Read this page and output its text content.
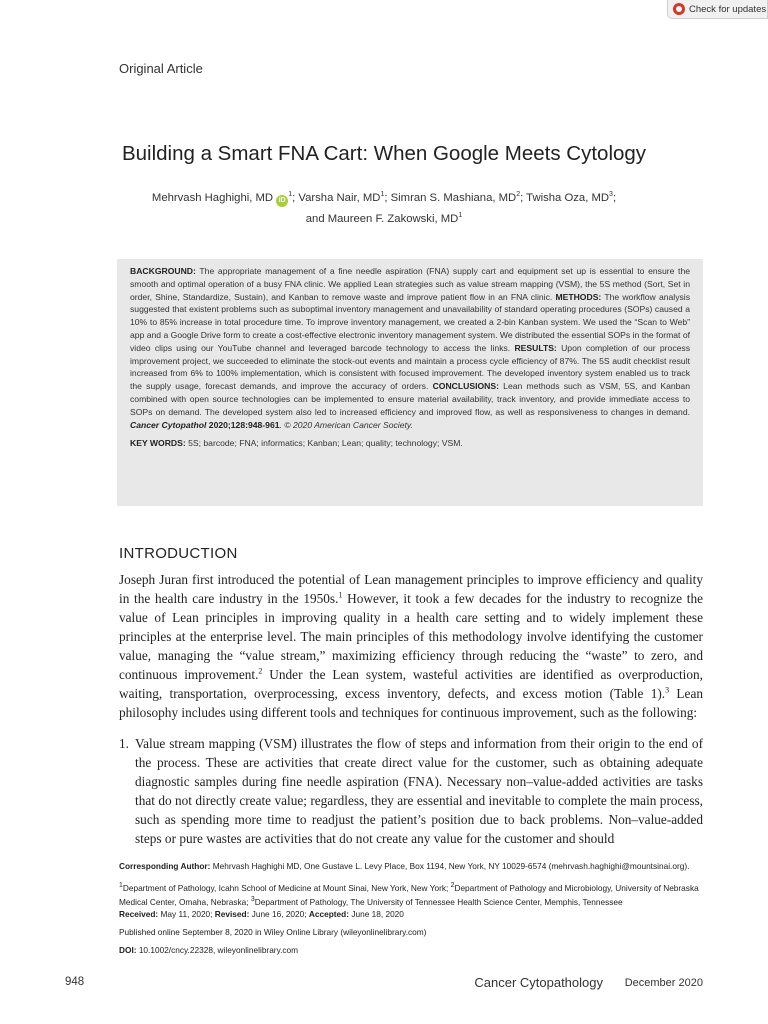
Check for updates
Original Article
Building a Smart FNA Cart: When Google Meets Cytology
Mehrvash Haghighi, MD $iD^1$; Varsha Nair, $MD^1$; Simran S. Mashiana, $MD^2$; Twisha Oza, $MD^3$;
and Maureen F. Zakowski, $MD^1$
BACKGROUND: The appropriate management of a fine needle aspiration (FNA) supply cart and equipment set up is essential to ensure the smooth and optimal operation of a busy FNA clinic. We applied Lean strategies such as value stream mapping (VSM), the 5S method (Sort, Set in order, Shine, Standardize, Sustain), and Kanban to remove waste and improve patient flow in an FNA clinic. METHODS: The workflow analysis suggested that existent problems such as suboptimal inventory management and unavailability of standard operating procedures (SOPs) caused a 10% to 85% increase in total procedure time. To improve inventory management, we created a 2-bin Kanban system. We used the “Scan to Web” app and a Google Drive form to create a cost-effective electronic inventory management system. We distributed the essential SOPs in the format of video clips using our YouTube channel and leveraged barcode technology to access the links. RESULTS: Upon completion of our process improvement project, we succeeded to eliminate the stock-out events and maintain a process cycle efficiency of 87%. The 5S audit checklist result increased from 6% to 100% implementation, which is consistent with focused improvement. The developed inventory system enabled us to track the supply usage, forecast demands, and improve the accuracy of orders. CONCLUSIONS: Lean methods such as VSM, 5S, and Kanban combined with open source technologies can be implemented to ensure material availability, track inventory, and provide immediate access to SOPs on demand. The developed system also led to increased efficiency and improved flow, as well as responsiveness to changes in demand. Cancer Cytopathol 2020;128:948-961. © 2020 American Cancer Society.
KEY WORDS: 5S; barcode; FNA; informatics; Kanban; Lean; quality; technology; VSM.
INTRODUCTION
Joseph Juran first introduced the potential of Lean management principles to improve efficiency and quality in the health care industry in the 1950s.$^1$ However, it took a few decades for the industry to recognize the value of Lean principles in improving quality in a health care setting and to widely implement these principles at the enterprise level. The main principles of this methodology involve identifying the customer value, managing the “value stream,” maximizing efficiency through reducing the “waste” to zero, and continuous improvement.$^2$ Under the Lean system, wasteful activities are identified as overproduction, waiting, transportation, overprocessing, excess inventory, defects, and excess motion (Table 1).$^3$ Lean philosophy includes using different tools and techniques for continuous improvement, such as the following:
1. Value stream mapping (VSM) illustrates the flow of steps and information from their origin to the end of the process. These are activities that create direct value for the customer, such as obtaining adequate diagnostic samples during fine needle aspiration (FNA). Necessary non–value-added activities are tasks that do not directly create value; regardless, they are essential and inevitable to complete the main process, such as spending more time to readjust the patient’s position due to back problems. Non–value-added steps or pure wastes are activities that do not create any value for the customer and should
Corresponding Author: Mehrvash Haghighi MD, One Gustave L. Levy Place, Box 1194, New York, NY 10029-6574 (mehrvash.haghighi@mountsinai.org).
$^1$Department of Pathology, Icahn School of Medicine at Mount Sinai, New York, New York; $^2$Department of Pathology and Microbiology, University of Nebraska Medical Center, Omaha, Nebraska; $^3$Department of Pathology, The University of Tennessee Health Science Center, Memphis, Tennessee
Received: May 11, 2020; Revised: June 16, 2020; Accepted: June 18, 2020
Published online September 8, 2020 in Wiley Online Library (wileyonlinelibrary.com)
DOI: 10.1002/cncy.22328, wileyonlinelibrary.com
948	Cancer Cytopathology December 2020
